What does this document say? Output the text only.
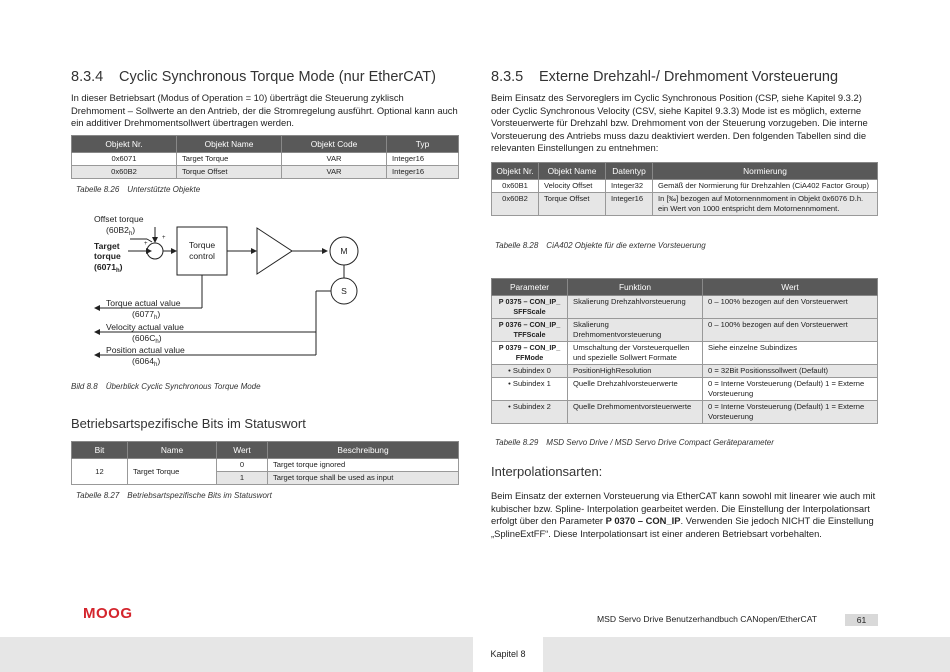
8.3.4 Cyclic Synchronous Torque Mode (nur EtherCAT)
In dieser Betriebsart (Modus of Operation = 10) überträgt die Steuerung zyklisch Drehmoment – Sollwerte an den Antrieb, der die Stromregelung ausführt. Optional kann auch ein additiver Drehmomentsollwert übertragen werden.
Objekt Nr.	Objekt Name	Objekt Code	Typ
0x6071	Target Torque	VAR	Integer16
0x60B2	Torque Offset	VAR	Integer16
Tabelle 8.26 Unterstützte Objekte
Offset torque
$(60B2_h)$
Target
torque
$(6071_h)$
+
+
Torque
control	M
S
Torque actual value
$(6077_h)$
Velocity actual value
$(606C_h)$
Position actual value
$(6064_h)$
Bild 8.8 Überblick Cyclic Synchronous Torque Mode
Betriebsartspezifische Bits im Statuswort
Bit	Name	Wert	Beschreibung
12	Target Torque	0	Target torque ignored
		1	Target torque shall be used as input
Tabelle 8.27 Betriebsartspezifische Bits im Statuswort
8.3.5 Externe Drehzahl-/ Drehmoment Vorsteuerung
Beim Einsatz des Servoreglers im Cyclic Synchronous Position (CSP, siehe Kapitel 9.3.2) oder Cyclic Synchronous Velocity (CSV, siehe Kapitel 9.3.3) Mode ist es möglich, externe Vorsteuerwerte für Drehzahl bzw. Drehmoment von der Steuerung vorzugeben. Die interne Vorsteuerung des Antriebs muss dazu deaktiviert werden. Den folgenden Tabellen sind die relevanten Einstellungen zu entnehmen:
Objekt Nr.	Objekt Name	Datentyp	Normierung
0x60B1	Velocity Offset	Integer32	Gemäß der Normierung für Drehzahlen (CiA402 Factor Group)
0x60B2	Torque Offset	Integer16	In [‰] bezogen auf Motornennmoment in Objekt 0x6076 D.h. ein Wert von 1000 entspricht dem Motornennmoment.
Tabelle 8.28 CiA402 Objekte für die externe Vorsteuerung
Parameter	Funktion	Wert
P 0375 – CON_IP_ SFFScale	Skalierung Drehzahlvorsteuerung	0 – 100% bezogen auf den Vorsteuerwert
P 0376 – CON_IP_ TFFScale	Skalierung Drehmomentvorsteuerung	0 – 100% bezogen auf den Vorsteuerwert
P 0379 – CON_IP_ FFMode	Umschaltung der Vorsteuerquellen und spezielle Sollwert Formate	Siehe einzelne Subindizes
• Subindex 0	PositionHighResolution	0 = 32Bit Positionssollwert (Default)
• Subindex 1	Quelle Drehzahlvorsteuerwerte	0 = Interne Vorsteuerung (Default) 1 = Externe Vorsteuerung
• Subindex 2	Quelle Drehmomentvorsteuerwerte	0 = Interne Vorsteuerung (Default) 1 = Externe Vorsteuerung
Tabelle 8.29 MSD Servo Drive / MSD Servo Drive Compact Geräteparameter
Interpolationsarten:
Beim Einsatz der externen Vorsteuerung via EtherCAT kann sowohl mit linearer wie auch mit kubischer bzw. Spline- Interpolation gearbeitet werden. Die Einstellung der Interpolationsart erfolgt über den Parameter P 0370 – CON_IP. Verwenden Sie jedoch NICHT die Einstellung „SplineExtFF“. Diese Interpolationsart ist einer anderen Betriebsart vorbehalten.
MOOG	MSD Servo Drive Benutzerhandbuch CANopen/EtherCAT	61
Kapitel 8
